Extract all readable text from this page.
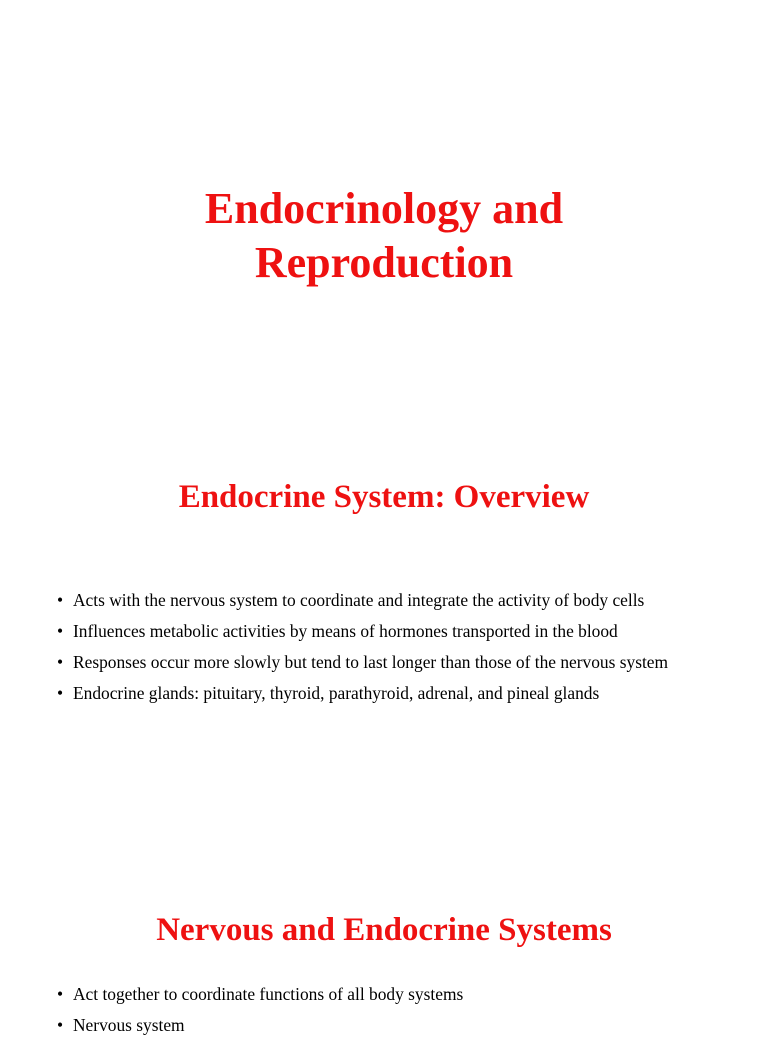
Endocrinology and Reproduction
Endocrine System: Overview
• Acts with the nervous system to coordinate and integrate the activity of body cells
• Influences metabolic activities by means of hormones transported in the blood
• Responses occur more slowly but tend to last longer than those of the nervous system
• Endocrine glands: pituitary, thyroid, parathyroid, adrenal, and pineal glands
Nervous and Endocrine Systems
• Act together to coordinate functions of all body systems
• Nervous system
